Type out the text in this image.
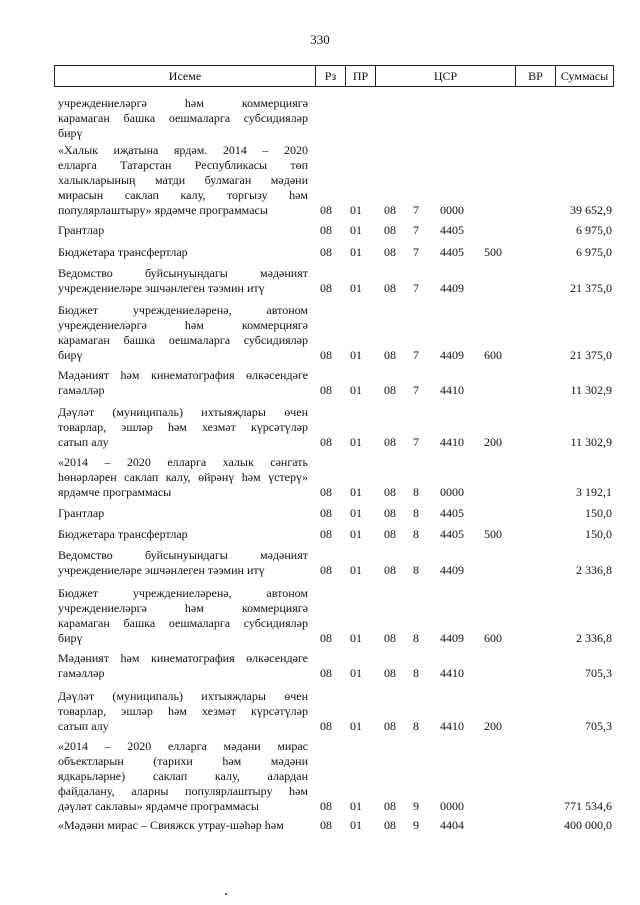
330
Исеме	Рз	ПР	ЦСР	ВР	Суммасы
учреждениеләргә һәм коммерциягә
карамаган башка оешмаларга субсидияләр
бирү
«Халык иҗатына ярдәм. 2014 – 2020
елларга Татарстан Республикасы төп
халыкларының матди булмаган мәдәни
мирасын саклап калу, торгызу һәм
популярлаштыру» ярдәмче программасы	08 01 08 7 0000	39 652,9
Грантлар	08 01 08 7 4405	6 975,0
Бюджетара трансфертлар	08 01 08 7 4405 500	6 975,0
Ведомство буйсынуындагы мәдәният
учреждениеләре эшчәнлеген тәэмин итү	08 01 08 7 4409	21 375,0
Бюджет учреждениеләренә, автоном
учреждениеләргә һәм коммерциягә
карамаган башка оешмаларга субсидияләр
бирү	08 01 08 7 4409 600	21 375,0
Мәдәният һәм кинематография өлкәсендәге
гамәлләр	08 01 08 7 4410	11 302,9
Дәүләт (муниципаль) ихтыяҗлары өчен
товарлар, эшләр һәм хезмәт күрсәтүләр
сатып алу	08 01 08 7 4410 200	11 302,9
«2014 – 2020 елларга халык сәнгать
һөнәрләрен саклап калу, өйрәнү һәм үстерү»
ярдәмче программасы	08 01 08 8 0000	3 192,1
Грантлар	08 01 08 8 4405	150,0
Бюджетара трансфертлар	08 01 08 8 4405 500	150,0
Ведомство буйсынуындагы мәдәният
учреждениеләре эшчәнлеген тәэмин итү	08 01 08 8 4409	2 336,8
Бюджет учреждениеләренә, автоном
учреждениеләргә һәм коммерциягә
карамаган башка оешмаларга субсидияләр
бирү	08 01 08 8 4409 600	2 336,8
Мәдәният һәм кинематография өлкәсендәге
гамәлләр	08 01 08 8 4410	705,3
Дәүләт (муниципаль) ихтыяҗлары өчен
товарлар, эшләр һәм хезмәт күрсәтүләр
сатып алу	08 01 08 8 4410 200	705,3
«2014 – 2020 елларга мәдәни мирас
объектларын (тарихи һәм мәдәни
ядкарьләрне) саклап калу, алардан
файдалану, аларны популярлаштыру һәм
дәүләт саклавы» ярдәмче программасы	08 01 08 9 0000	771 534,6
«Мәдәни мирас – Свияжск утрау-шәһәр һәм	08 01 08 9 4404	400 000,0
